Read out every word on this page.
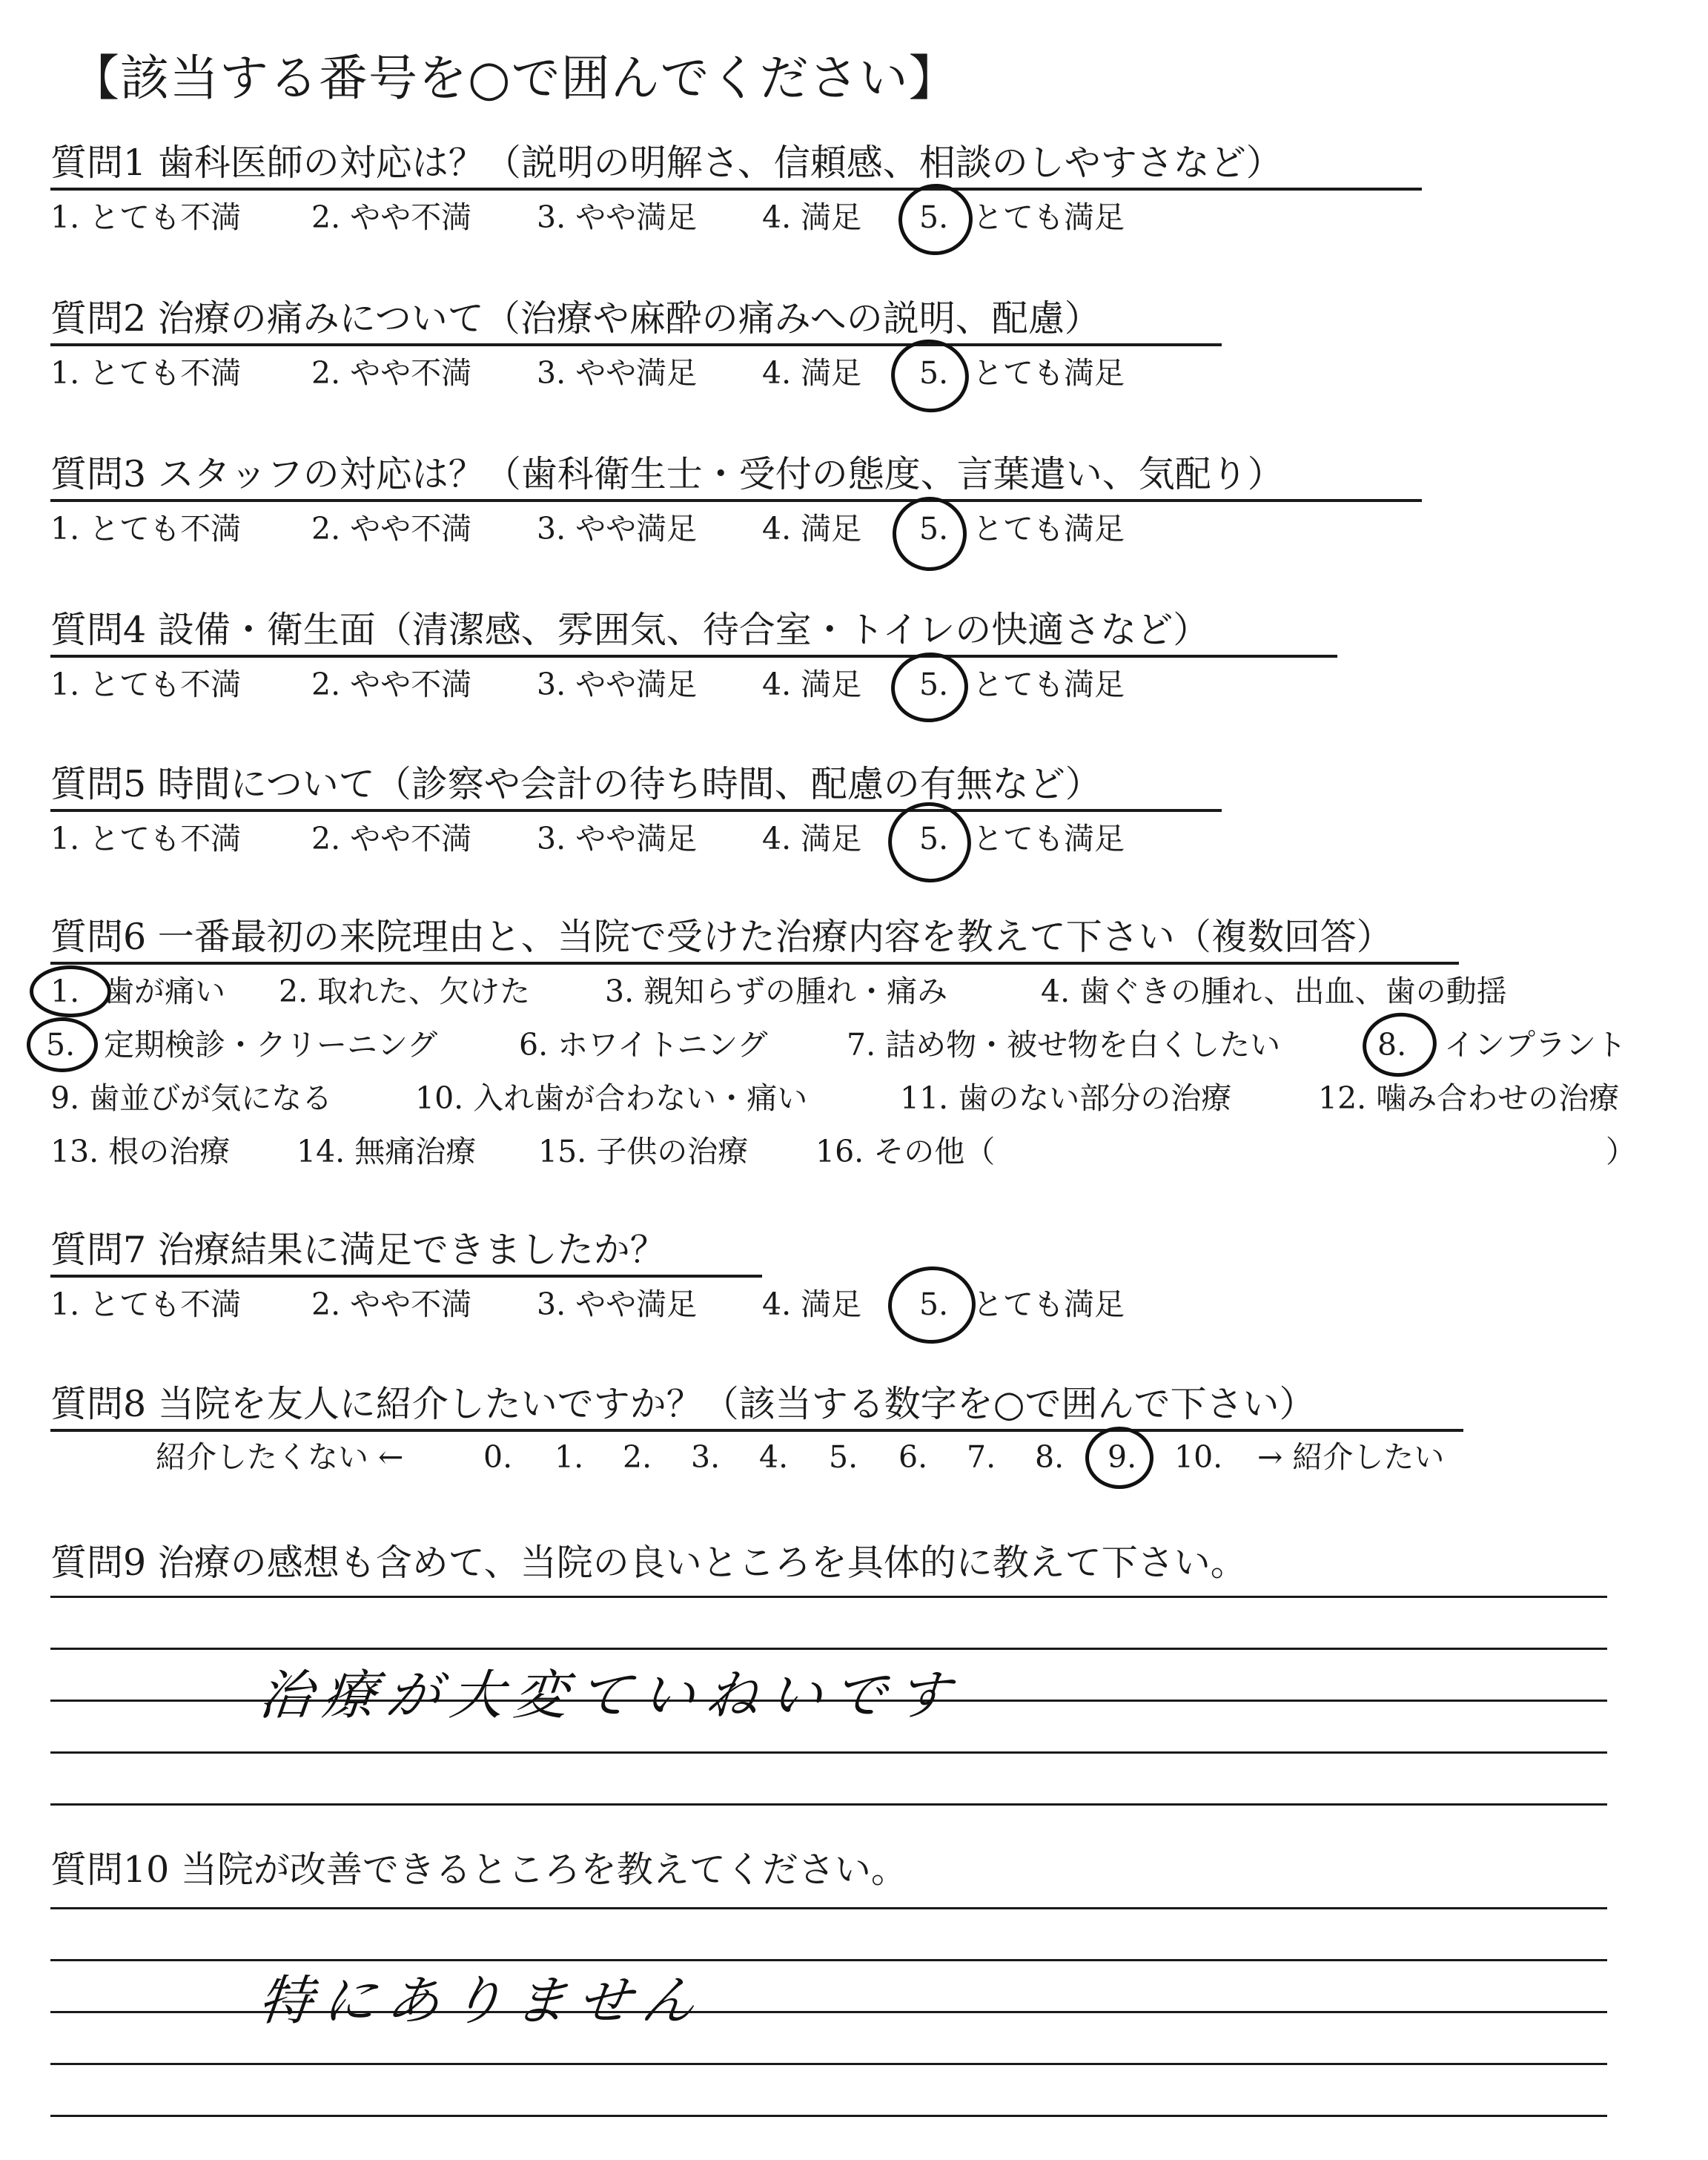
【該当する番号を○で囲んでください】
質問1 歯科医師の対応は？（説明の明解さ、信頼感、相談のしやすさなど）
1. とても不満 2. やや不満 3. やや満足 4. 満足 5. とても満足
質問2 治療の痛みについて（治療や麻酔の痛みへの説明、配慮）
1. とても不満 2. やや不満 3. やや満足 4. 満足 5. とても満足
質問3 スタッフの対応は？（歯科衛生士・受付の態度、言葉遣い、気配り）
1. とても不満 2. やや不満 3. やや満足 4. 満足 5. とても満足
質問4 設備・衛生面（清潔感、雰囲気、待合室・トイレの快適さなど）
1. とても不満 2. やや不満 3. やや満足 4. 満足 5. とても満足
質問5 時間について（診察や会計の待ち時間、配慮の有無など）
1. とても不満 2. やや不満 3. やや満足 4. 満足 5. とても満足
質問6 一番最初の来院理由と、当院で受けた治療内容を教えて下さい（複数回答）
1. 歯が痛い 2. 取れた、欠けた 3. 親知らずの腫れ・痛み	4. 歯ぐきの腫れ、出血、歯の動揺
5. 定期検診・クリーニング	6. ホワイトニング	7. 詰め物・被せ物を白くしたい	8. インプラント
9. 歯並びが気になる	10. 入れ歯が合わない・痛い	11. 歯のない部分の治療	12. 噛み合わせの治療
13. 根の治療 14. 無痛治療 15. 子供の治療 16. その他（	）
質問7 治療結果に満足できましたか？
1. とても不満 2. やや不満 3. やや満足 4. 満足 5. とても満足
質問8 当院を友人に紹介したいですか？（該当する数字を○で囲んで下さい）
紹介したくない ←	0. 1. 2. 3. 4. 5. 6. 7. 8. 9. 10. → 紹介したい
質問9 治療の感想も含めて、当院の良いところを具体的に教えて下さい。
治療が大変ていねいです
質問10 当院が改善できるところを教えてください。
特にありません
